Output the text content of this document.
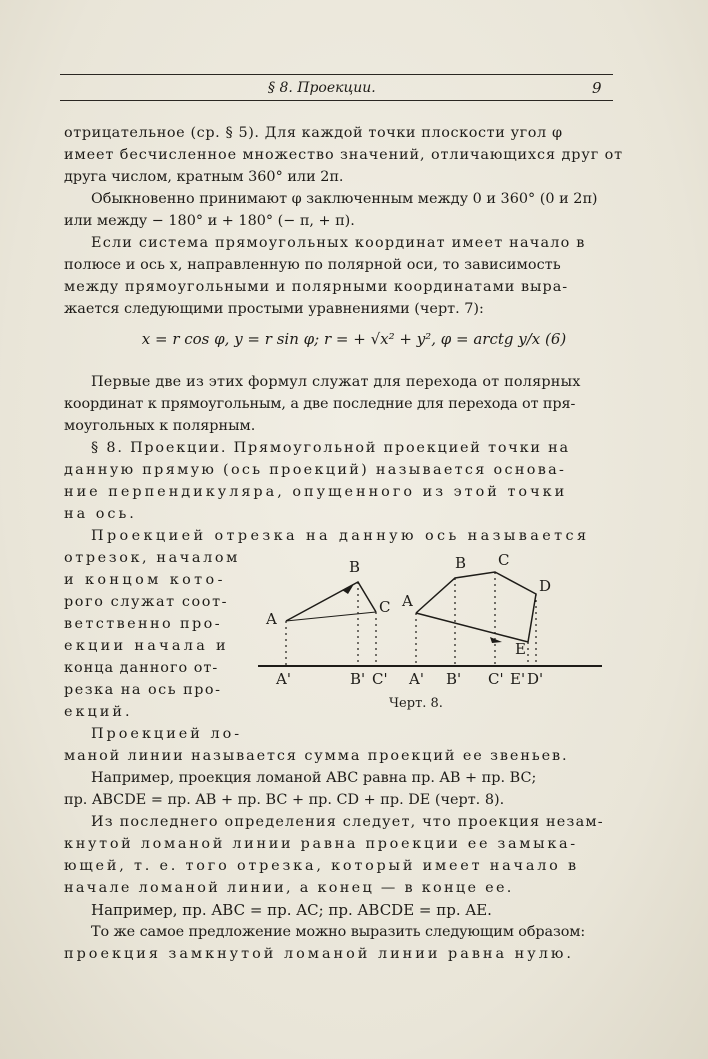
§ 8. Проекции.	9
отрицательное (ср. § 5). Для каждой точки плоскости угол φ
имеет бесчисленное множество значений, отличающихся друг от
друга числом, кратным 360° или 2π.
Обыкновенно принимают φ заключенным между 0 и 360° (0 и 2π)
или между − 180° и + 180° (− π, + π).
Если система прямоугольных координат имеет начало в
полюсе и ось x, направленную по полярной оси, то зависимость
между прямоугольными и полярными координатами выра-
жается следующими простыми уравнениями (черт. 7):
x = r cos φ, y = r sin φ; r = + √x² + y², φ = arctg y/x (6)
Первые две из этих формул служат для перехода от полярных
координат к прямоугольным, а две последние для перехода от пря-
моугольных к полярным.
§ 8. Проекции. Прямоугольной проекцией точки на
данную прямую (ось проекций) называется основа-
ние перпендикуляра, опущенного из этой точки
на ось.
Проекцией отрезка на данную ось называется
отрезок, началом
и концом кото-
рого служат соот-
ветственно про-
екции начала и
конца данного от-
резка на ось про-
екций.
Проекцией ло-
маной линии называется сумма проекций ее звеньев.
Например, проекция ломаной ABC равна пр. AB + пр. BC;
пр. ABCDE = пр. AB + пр. BC + пр. CD + пр. DE (черт. 8).
Из последнего определения следует, что проекция незам-
кнутой ломаной линии равна проекции ее замыка-
ющей, т. е. того отрезка, который имеет начало в
начале ломаной линии, а конец — в конце ее.
Например, пр. ABC = пр. AC; пр. ABCDE = пр. AE.
То же самое предложение можно выразить следующим образом:
проекция замкнутой ломаной линии равна нулю.
A
B
C A
B C
D
E
A'	B' C' A' B' C' E' D'
Черт. 8.
